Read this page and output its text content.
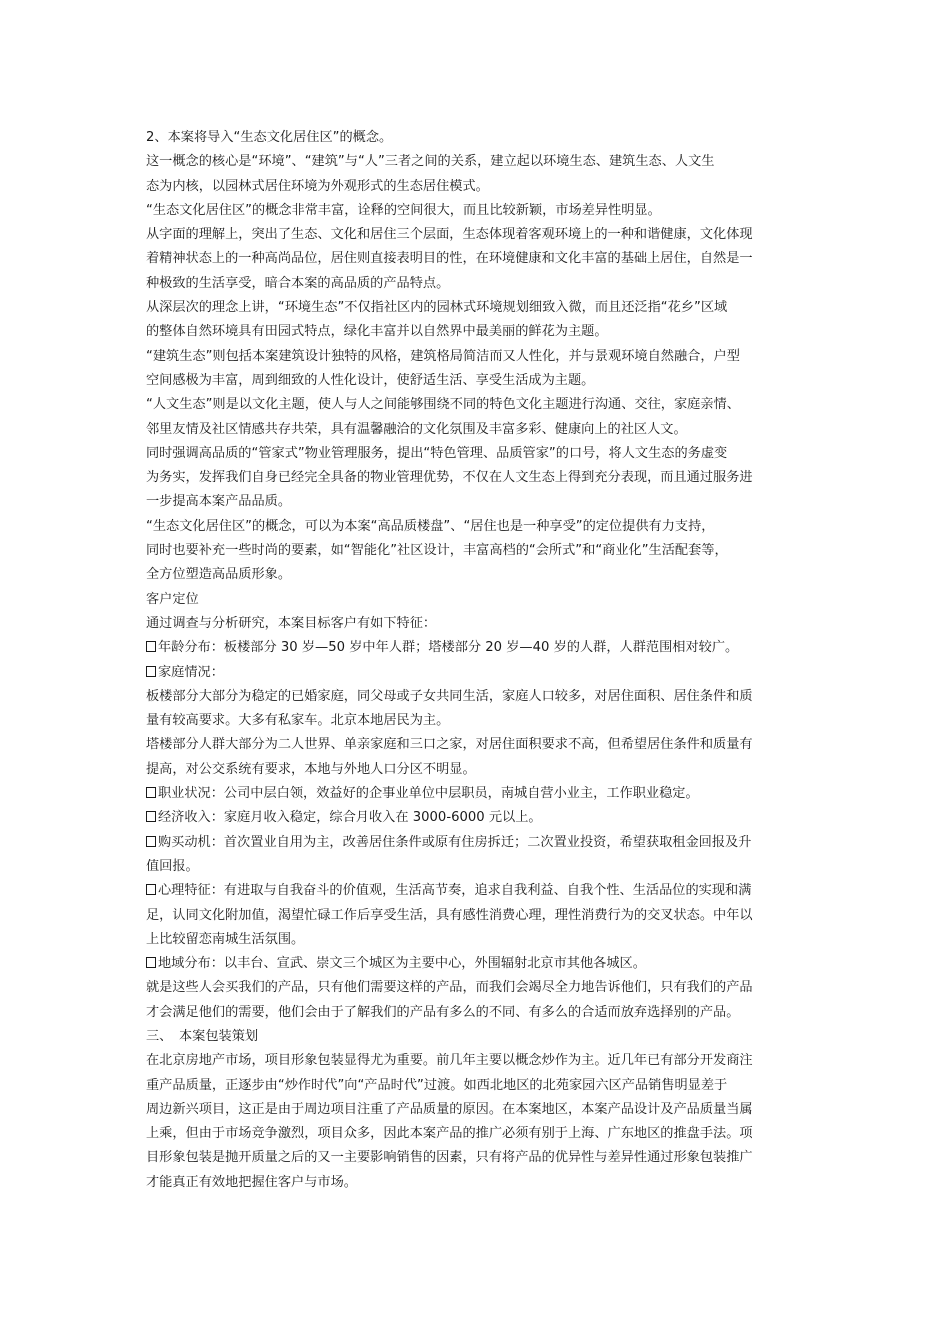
2、本案将导入“生态文化居住区”的概念。
这一概念的核心是“环境”、“建筑”与“人”三者之间的关系，建立起以环境生态、建筑生态、人文生
态为内核，以园林式居住环境为外观形式的生态居住模式。
“生态文化居住区”的概念非常丰富，诠释的空间很大，而且比较新颖，市场差异性明显。
从字面的理解上，突出了生态、文化和居住三个层面，生态体现着客观环境上的一种和谐健康，文化体现
着精神状态上的一种高尚品位，居住则直接表明目的性，在环境健康和文化丰富的基础上居住，自然是一
种极致的生活享受，暗合本案的高品质的产品特点。
从深层次的理念上讲，“环境生态”不仅指社区内的园林式环境规划细致入微，而且还泛指“花乡”区域
的整体自然环境具有田园式特点，绿化丰富并以自然界中最美丽的鲜花为主题。
“建筑生态”则包括本案建筑设计独特的风格，建筑格局简洁而又人性化，并与景观环境自然融合，户型
空间感极为丰富，周到细致的人性化设计，使舒适生活、享受生活成为主题。
“人文生态”则是以文化主题，使人与人之间能够围绕不同的特色文化主题进行沟通、交往，家庭亲情、
邻里友情及社区情感共存共荣，具有温馨融洽的文化氛围及丰富多彩、健康向上的社区人文。
同时强调高品质的“管家式”物业管理服务，提出“特色管理、品质管家”的口号，将人文生态的务虚变
为务实，发挥我们自身已经完全具备的物业管理优势，不仅在人文生态上得到充分表现，而且通过服务进
一步提高本案产品品质。
“生态文化居住区”的概念，可以为本案“高品质楼盘”、“居住也是一种享受”的定位提供有力支持，
同时也要补充一些时尚的要素，如“智能化”社区设计，丰富高档的“会所式”和“商业化”生活配套等，
全方位塑造高品质形象。
客户定位
通过调查与分析研究，本案目标客户有如下特征：
年龄分布：板楼部分 30 岁—50 岁中年人群；塔楼部分 20 岁—40 岁的人群，人群范围相对较广。
家庭情况：
板楼部分大部分为稳定的已婚家庭，同父母或子女共同生活，家庭人口较多，对居住面积、居住条件和质
量有较高要求。大多有私家车。北京本地居民为主。
塔楼部分人群大部分为二人世界、单亲家庭和三口之家，对居住面积要求不高，但希望居住条件和质量有
提高，对公交系统有要求，本地与外地人口分区不明显。
职业状况：公司中层白领，效益好的企事业单位中层职员，南城自营小业主，工作职业稳定。
经济收入：家庭月收入稳定，综合月收入在 3000-6000 元以上。
购买动机：首次置业自用为主，改善居住条件或原有住房拆迁；二次置业投资，希望获取租金回报及升
值回报。
心理特征：有进取与自我奋斗的价值观，生活高节奏，追求自我利益、自我个性、生活品位的实现和满
足，认同文化附加值，渴望忙碌工作后享受生活，具有感性消费心理，理性消费行为的交叉状态。中年以
上比较留恋南城生活氛围。
地域分布：以丰台、宣武、崇文三个城区为主要中心，外围辐射北京市其他各城区。
就是这些人会买我们的产品，只有他们需要这样的产品，而我们会竭尽全力地告诉他们，只有我们的产品
才会满足他们的需要，他们会由于了解我们的产品有多么的不同、有多么的合适而放弃选择别的产品。
三、　本案包装策划
在北京房地产市场，项目形象包装显得尤为重要。前几年主要以概念炒作为主。近几年已有部分开发商注
重产品质量，正逐步由“炒作时代”向“产品时代”过渡。如西北地区的北苑家园六区产品销售明显差于
周边新兴项目，这正是由于周边项目注重了产品质量的原因。在本案地区，本案产品设计及产品质量当属
上乘，但由于市场竞争激烈，项目众多，因此本案产品的推广必须有别于上海、广东地区的推盘手法。项
目形象包装是抛开质量之后的又一主要影响销售的因素，只有将产品的优异性与差异性通过形象包装推广
才能真正有效地把握住客户与市场。
